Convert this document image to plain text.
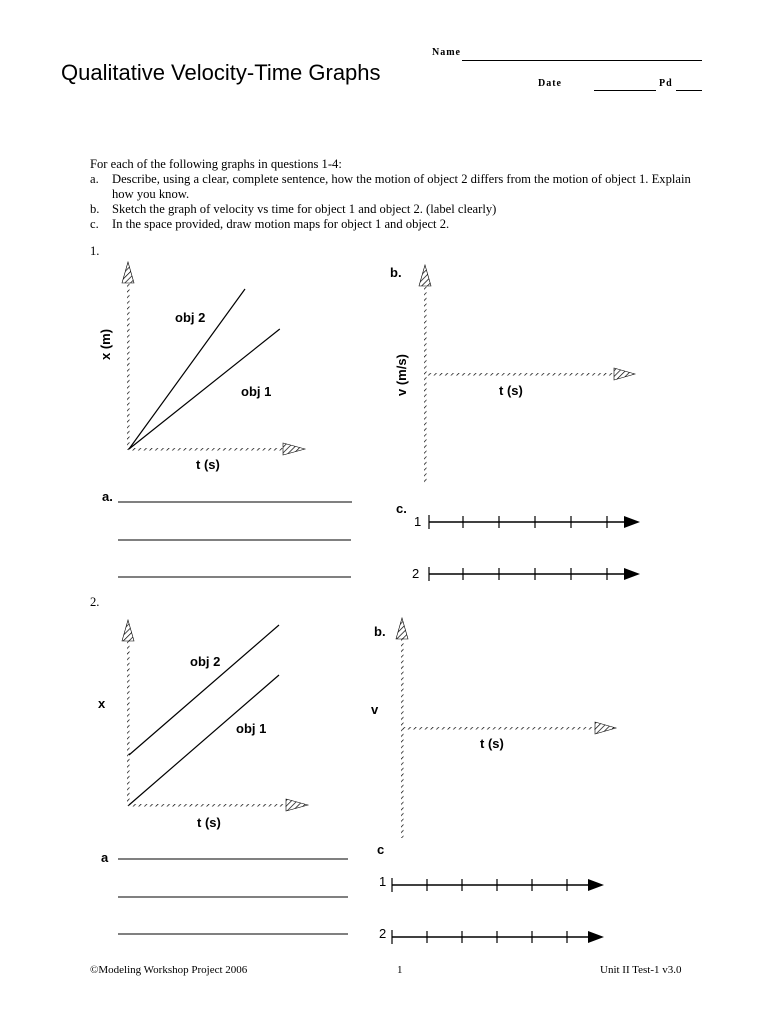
Qualitative Velocity-Time Graphs
Name
Date	Pd

For each of the following graphs in questions 1-4:

a.	Describe, using a clear, complete sentence, how the motion of object 2 differs from the motion of object 1. Explain how you know.
b. Sketch the graph of velocity vs time for object 1 and object 2. (label clearly)
c.	In the space provided, draw motion maps for object 1 and object 2.
1.
2.
x (m)
t (s)
obj 2
obj 1
b.
v (m/s)	t (s)
a.
c.
1
2
x
t (s)
obj 2
obj 1
b.
v
t (s)
a
c
1
2
©Modeling Workshop Project 2006	1	Unit II Test-1 v3.0
